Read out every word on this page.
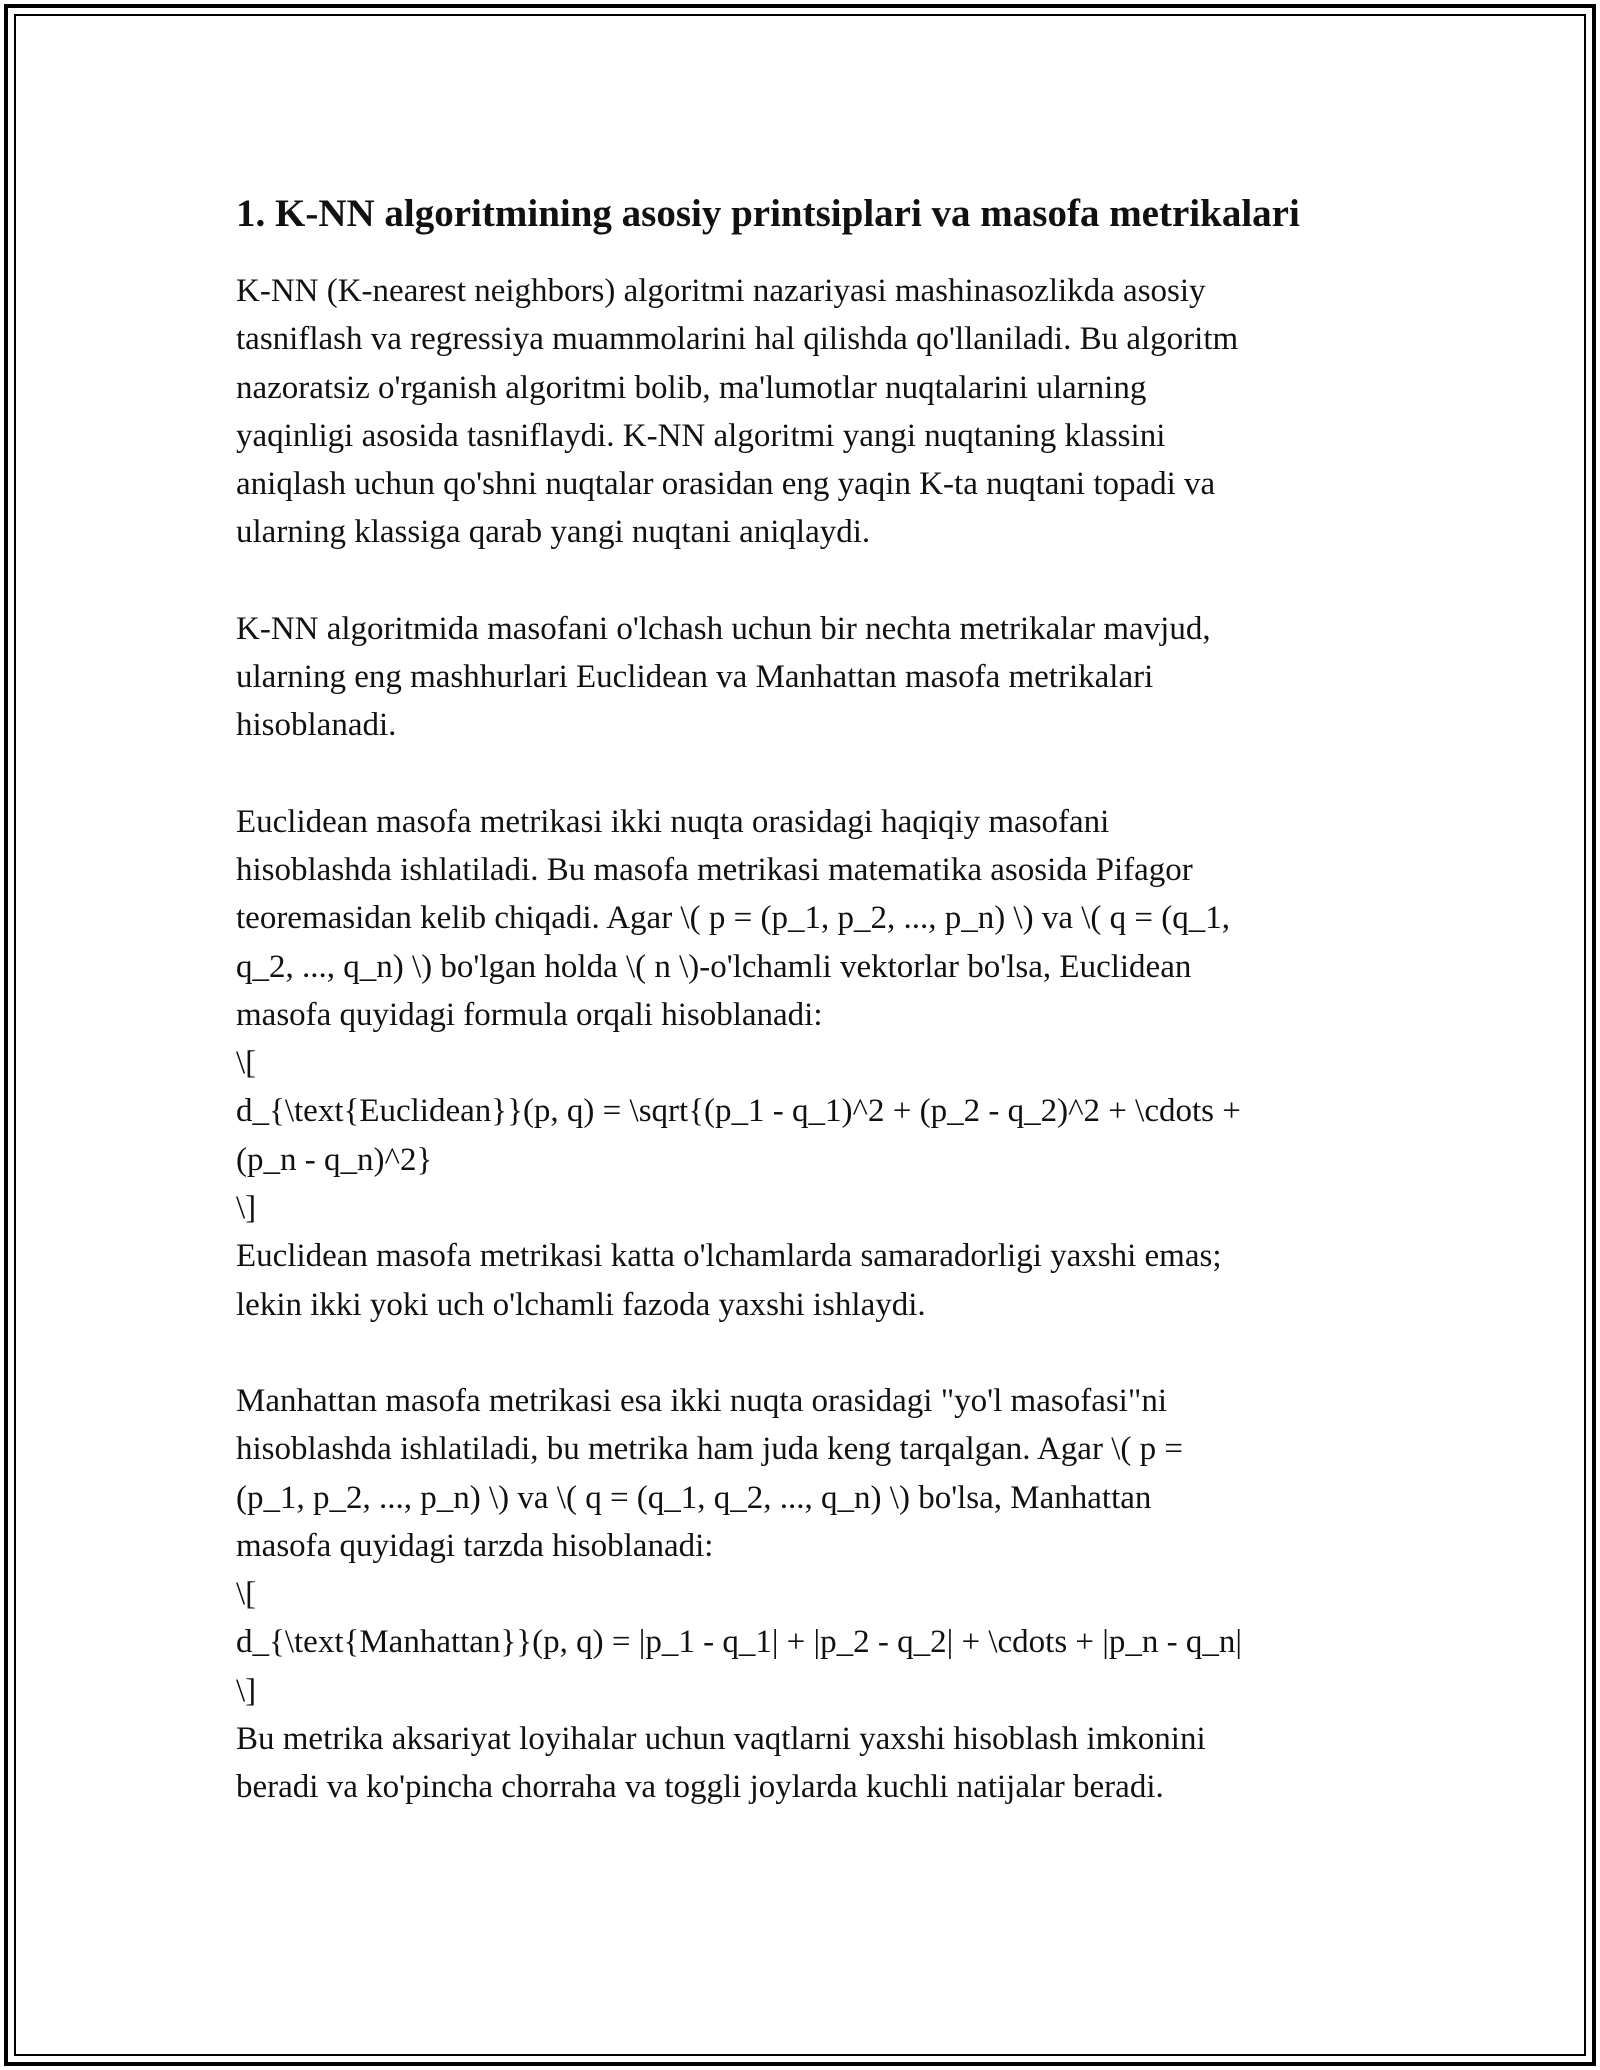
1. K-NN algoritmining asosiy printsiplari va masofa metrikalari
K-NN (K-nearest neighbors) algoritmi nazariyasi mashinasozlikda asosiy
tasniflash va regressiya muammolarini hal qilishda qo'llaniladi. Bu algoritm
nazoratsiz o'rganish algoritmi bolib, ma'lumotlar nuqtalarini ularning
yaqinligi asosida tasniflaydi. K-NN algoritmi yangi nuqtaning klassini
aniqlash uchun qo'shni nuqtalar orasidan eng yaqin K-ta nuqtani topadi va
ularning klassiga qarab yangi nuqtani aniqlaydi.
K-NN algoritmida masofani o'lchash uchun bir nechta metrikalar mavjud,
ularning eng mashhurlari Euclidean va Manhattan masofa metrikalari
hisoblanadi.
Euclidean masofa metrikasi ikki nuqta orasidagi haqiqiy masofani
hisoblashda ishlatiladi. Bu masofa metrikasi matematika asosida Pifagor
teoremasidan kelib chiqadi. Agar \( p = (p_1, p_2, ..., p_n) \) va \( q = (q_1,
q_2, ..., q_n) \) bo'lgan holda \( n \)-o'lchamli vektorlar bo'lsa, Euclidean
masofa quyidagi formula orqali hisoblanadi:
\[
d_{\text{Euclidean}}(p, q) = \sqrt{(p_1 - q_1)^2 + (p_2 - q_2)^2 + \cdots +
(p_n - q_n)^2}
\]
Euclidean masofa metrikasi katta o'lchamlarda samaradorligi yaxshi emas;
lekin ikki yoki uch o'lchamli fazoda yaxshi ishlaydi.
Manhattan masofa metrikasi esa ikki nuqta orasidagi "yo'l masofasi"ni
hisoblashda ishlatiladi, bu metrika ham juda keng tarqalgan. Agar \( p =
(p_1, p_2, ..., p_n) \) va \( q = (q_1, q_2, ..., q_n) \) bo'lsa, Manhattan
masofa quyidagi tarzda hisoblanadi:
\[
d_{\text{Manhattan}}(p, q) = |p_1 - q_1| + |p_2 - q_2| + \cdots + |p_n - q_n|
\]
Bu metrika aksariyat loyihalar uchun vaqtlarni yaxshi hisoblash imkonini
beradi va ko'pincha chorraha va toggli joylarda kuchli natijalar beradi.
